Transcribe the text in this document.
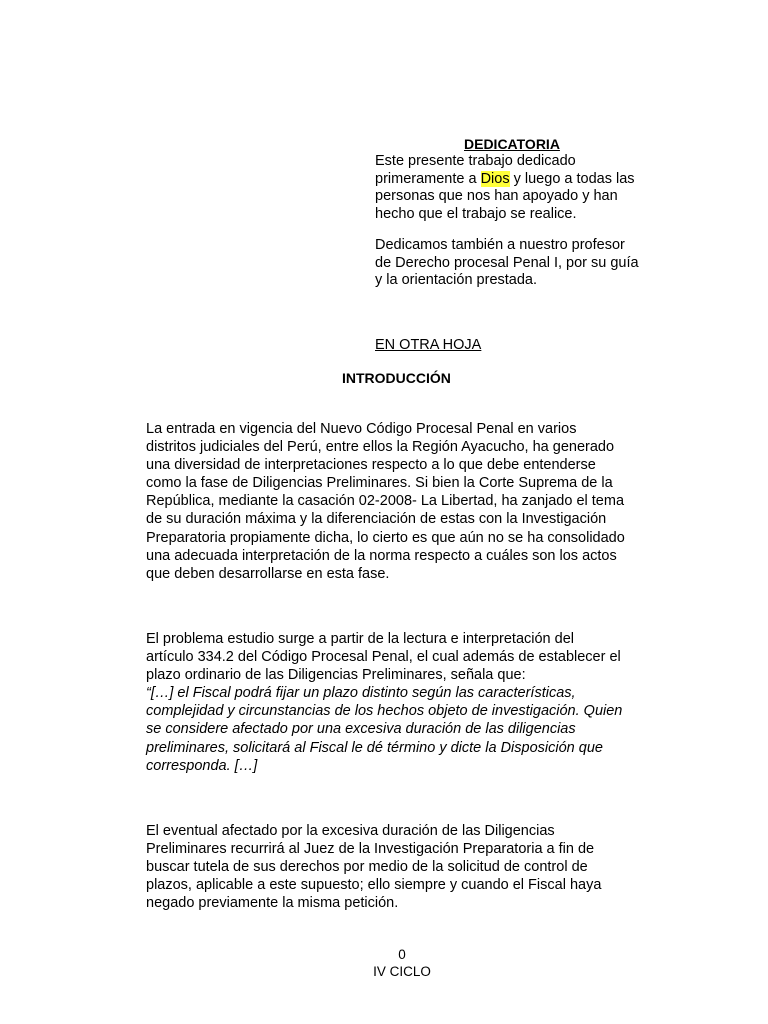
DEDICATORIA
Este presente trabajo dedicado
primeramente a Dios y luego a todas las
personas que nos han apoyado y han
hecho que el trabajo se realice.
Dedicamos también a nuestro profesor
de Derecho procesal Penal I, por su guía
y la orientación prestada.
EN OTRA HOJA
INTRODUCCIÓN
La entrada en vigencia del Nuevo Código Procesal Penal en varios
distritos judiciales del Perú, entre ellos la Región Ayacucho, ha generado
una diversidad de interpretaciones respecto a lo que debe entenderse
como la fase de Diligencias Preliminares. Si bien la Corte Suprema de la
República, mediante la casación 02-2008- La Libertad, ha zanjado el tema
de su duración máxima y la diferenciación de estas con la Investigación
Preparatoria propiamente dicha, lo cierto es que aún no se ha consolidado
una adecuada interpretación de la norma respecto a cuáles son los actos
que deben desarrollarse en esta fase.
El problema estudio surge a partir de la lectura e interpretación del
artículo 334.2 del Código Procesal Penal, el cual además de establecer el
plazo ordinario de las Diligencias Preliminares, señala que:
“[…] el Fiscal podrá fijar un plazo distinto según las características,
complejidad y circunstancias de los hechos objeto de investigación. Quien
se considere afectado por una excesiva duración de las diligencias
preliminares, solicitará al Fiscal le dé término y dicte la Disposición que
corresponda. […]
El eventual afectado por la excesiva duración de las Diligencias
Preliminares recurrirá al Juez de la Investigación Preparatoria a fin de
buscar tutela de sus derechos por medio de la solicitud de control de
plazos, aplicable a este supuesto; ello siempre y cuando el Fiscal haya
negado previamente la misma petición.
0
IV CICLO
